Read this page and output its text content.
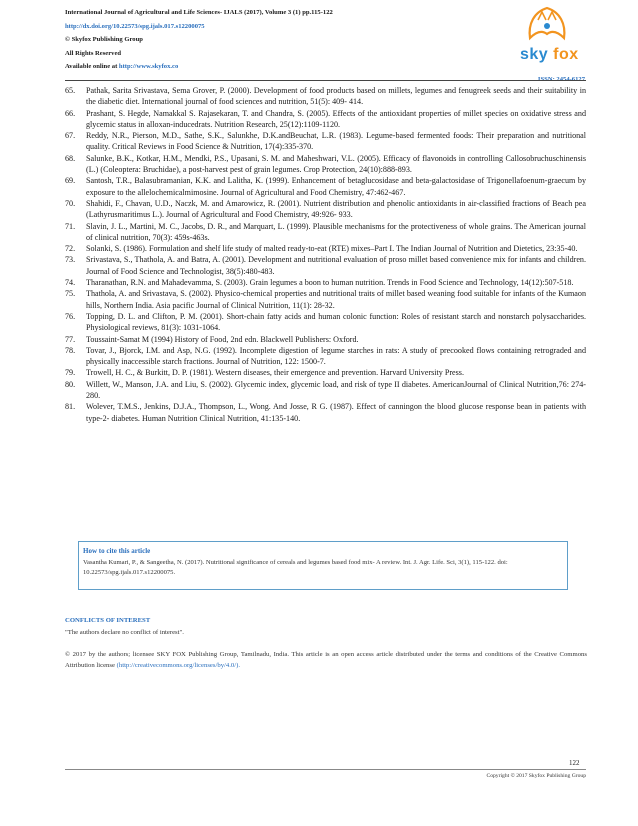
International Journal of Agricultural and Life Sciences- IJALS (2017), Volume 3 (1) pp.115-122
http://dx.doi.org/10.22573/spg.ijals.017.s12200075
© Skyfox Publishing Group
All Rights Reserved
Available online at http://www.skyfox.co
ISSN: 2454-6127
sky fox
65. Pathak, Sarita Srivastava, Sema Grover, P. (2000). Development of food products based on millets, legumes and fenugreek seeds and their suitability in the diabetic diet. International journal of food sciences and nutrition, 51(5): 409- 414.
66. Prashant, S. Hegde, Namakkal S. Rajasekaran, T. and Chandra, S. (2005). Effects of the antioxidant properties of millet species on oxidative stress and glycemic status in alloxan-inducedrats. Nutrition Research, 25(12):1109-1120.
67. Reddy, N.R., Pierson, M.D., Sathe, S.K., Salunkhe, D.K.andBeuchat, L.R. (1983). Legume-based fermented foods: Their preparation and nutritional quality. Critical Reviews in Food Science & Nutrition, 17(4):335-370.
68. Salunke, B.K., Kotkar, H.M., Mendki, P.S., Upasani, S. M. and Maheshwari, V.L. (2005). Efficacy of flavonoids in controlling Callosobruchuschinensis (L.) (Coleoptera: Bruchidae), a post-harvest pest of grain legumes. Crop Protection, 24(10):888-893.
69. Santosh, T.R., Balasubramanian, K.K. and Lalitha, K. (1999). Enhancement of betaglucosidase and beta-galactosidase of Trigonellafoenum-graecum by exposure to the allelochemicalmimosine. Journal of Agricultural and Food Chemistry, 47:462-467.
70. Shahidi, F., Chavan, U.D., Naczk, M. and Amarowicz, R. (2001). Nutrient distribution and phenolic antioxidants in air-classified fractions of Beach pea (Lathyrusmaritimus L.). Journal of Agricultural and Food Chemistry, 49:926- 933.
71. Slavin, J. L., Martini, M. C., Jacobs, D. R., and Marquart, L. (1999). Plausible mechanisms for the protectiveness of whole grains. The American journal of clinical nutrition, 70(3): 459s-463s.
72. Solanki, S. (1986). Formulation and shelf life study of malted ready-to-eat (RTE) mixes–Part I. The Indian Journal of Nutrition and Dietetics, 23:35-40.
73. Srivastava, S., Thathola, A. and Batra, A. (2001). Development and nutritional evaluation of proso millet based convenience mix for infants and children. Journal of Food Science and Technologist, 38(5):480-483.
74. Tharanathan, R.N. and Mahadevamma, S. (2003). Grain legumes a boon to human nutrition. Trends in Food Science and Technology, 14(12):507-518.
75. Thathola, A. and Srivastava, S. (2002). Physico-chemical properties and nutritional traits of millet based weaning food suitable for infants of the Kumaon hills, Northern India. Asia pacific Journal of Clinical Nutrition, 11(1): 28-32.
76. Topping, D. L. and Clifton, P. M. (2001). Short-chain fatty acids and human colonic function: Roles of resistant starch and nonstarch polysaccharides. Physiological reviews, 81(3): 1031-1064.
77. Toussaint-Samat M (1994) History of Food, 2nd edn. Blackwell Publishers: Oxford.
78. Tovar, J., Bjorck, I.M. and Asp, N.G. (1992). Incomplete digestion of legume starches in rats: A study of precooked flows containing retrograded and physically inaccessible starch fractions. Journal of Nutrition, 122: 1500-7.
79. Trowell, H. C., & Burkitt, D. P. (1981). Western diseases, their emergence and prevention. Harvard University Press.
80. Willett, W., Manson, J.A. and Liu, S. (2002). Glycemic index, glycemic load, and risk of type II diabetes. AmericanJournal of Clinical Nutrition,76: 274-280.
81. Wolever, T.M.S., Jenkins, D.J.A., Thompson, L., Wong. And Josse, R G. (1987). Effect of canningon the blood glucose response bean in patients with type-2- diabetes. Human Nutrition Clinical Nutrition, 41:135-140.
How to cite this article
Vasantha Kumari, P., & Sangeetha, N. (2017). Nutritional significance of cereals and legumes based food mix- A review. Int. J. Agr. Life. Sci, 3(1), 115-122. doi: 10.22573/spg.ijals.017.s12200075.
CONFLICTS OF INTEREST
"The authors declare no conflict of interest".
© 2017 by the authors; licensee SKY FOX Publishing Group, Tamilnadu, India. This article is an open access article distributed under the terms and conditions of the Creative Commons Attribution license (http://creativecommons.org/licenses/by/4.0/).
122
Copyright © 2017 Skyfox Publishing Group
